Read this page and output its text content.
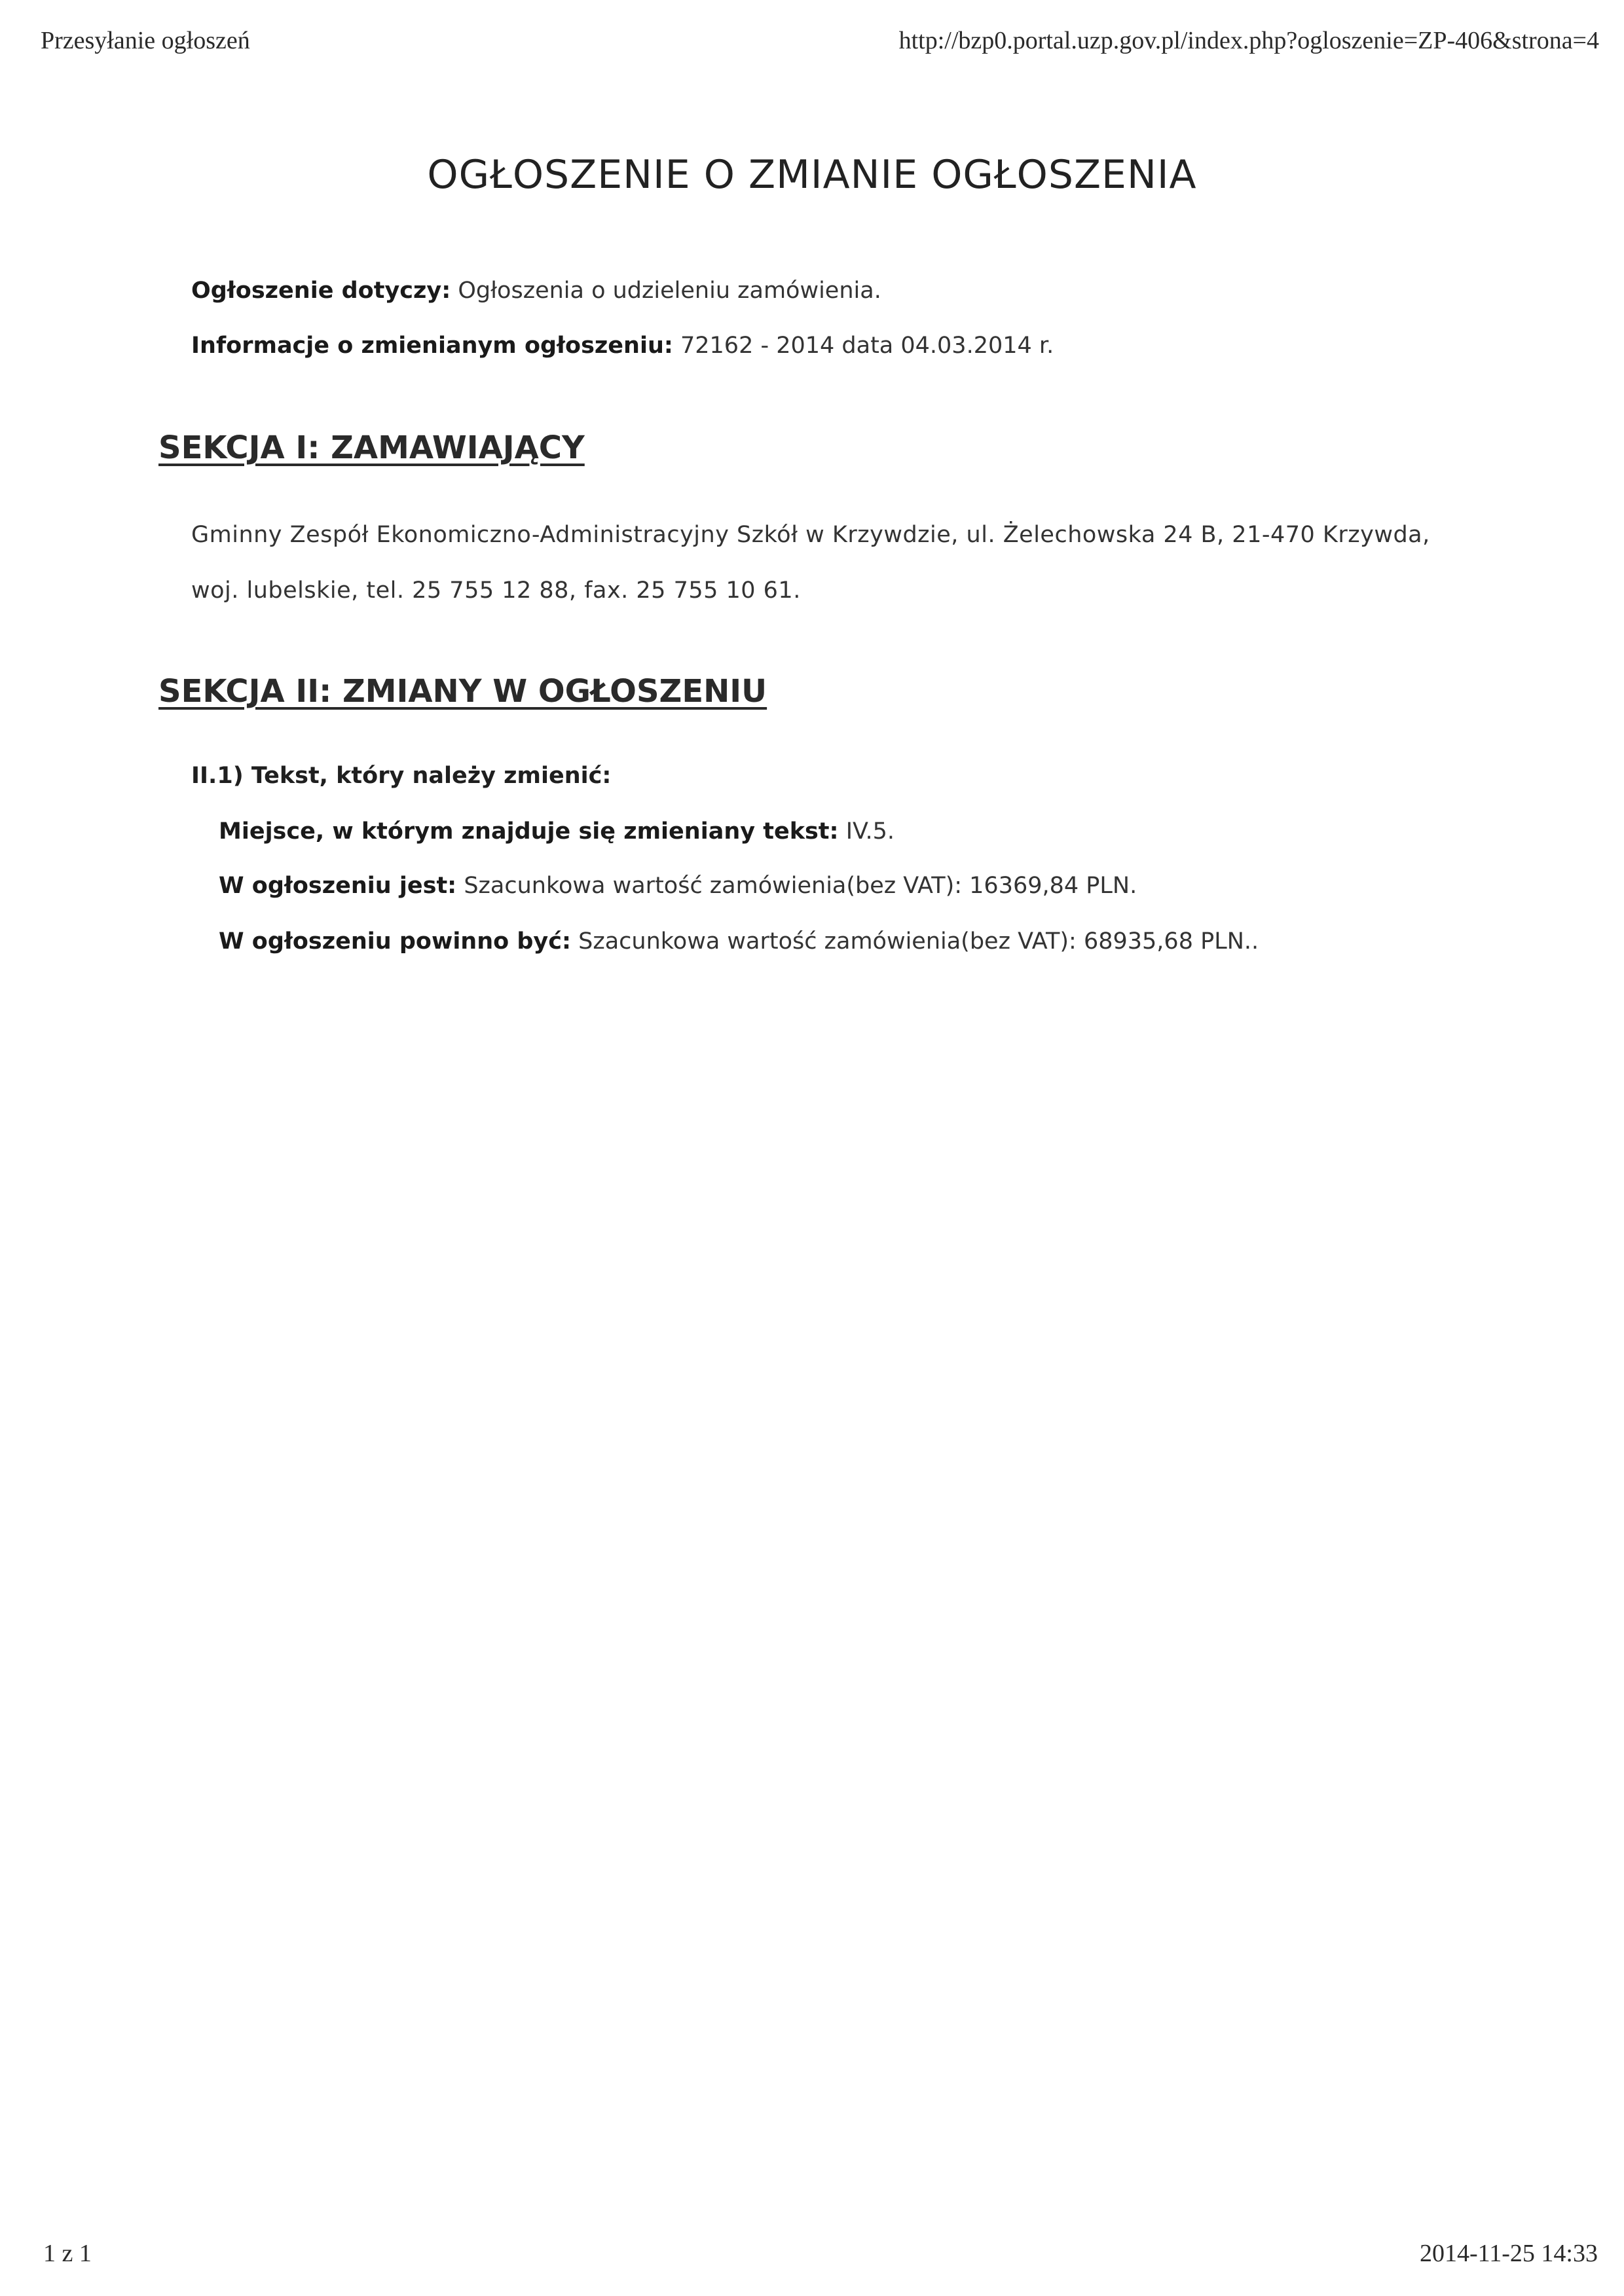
Przesyłanie ogłoszeń	http://bzp0.portal.uzp.gov.pl/index.php?ogloszenie=ZP-406&strona=4
OGŁOSZENIE O ZMIANIE OGŁOSZENIA
Ogłoszenie dotyczy: Ogłoszenia o udzieleniu zamówienia.
Informacje o zmienianym ogłoszeniu: 72162 - 2014 data 04.03.2014 r.
SEKCJA I: ZAMAWIAJĄCY
Gminny Zespół Ekonomiczno-Administracyjny Szkół w Krzywdzie, ul. Żelechowska 24 B, 21-470 Krzywda,
woj. lubelskie, tel. 25 755 12 88, fax. 25 755 10 61.
SEKCJA II: ZMIANY W OGŁOSZENIU
II.1) Tekst, który należy zmienić:
Miejsce, w którym znajduje się zmieniany tekst: IV.5.
W ogłoszeniu jest: Szacunkowa wartość zamówienia(bez VAT): 16369,84 PLN.
W ogłoszeniu powinno być: Szacunkowa wartość zamówienia(bez VAT): 68935,68 PLN..
1 z 1	2014-11-25 14:33
